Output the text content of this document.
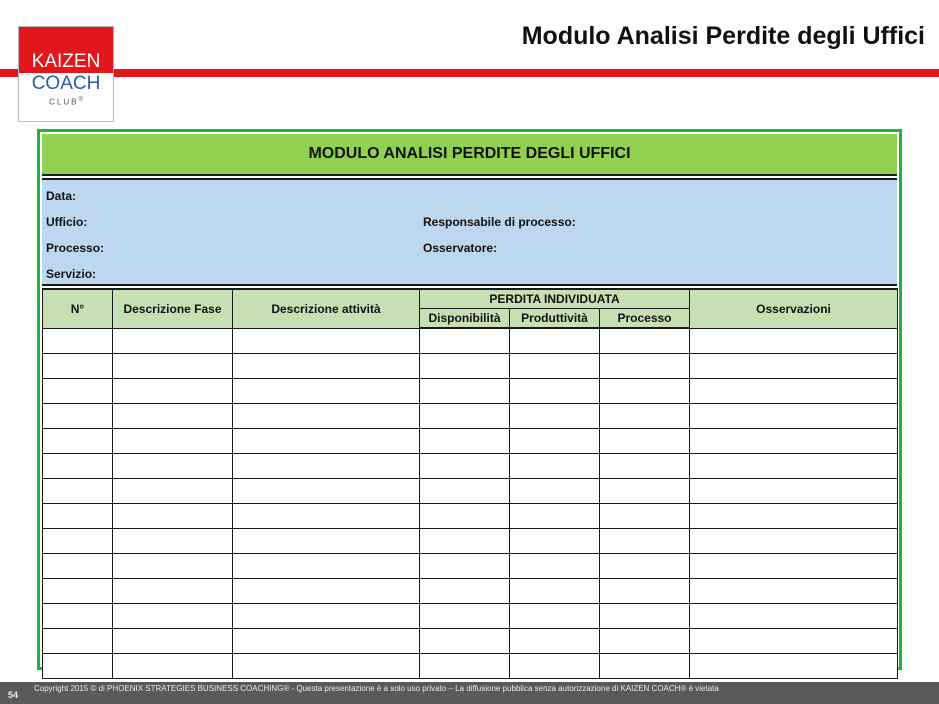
KAIZEN
COACH
CLUB®
Modulo Analisi Perdite degli Uffici
MODULO ANALISI PERDITE DEGLI UFFICI
Data:
Ufficio:
Processo:
Servizio:
Responsabile di processo:
Osservatore:
N°	Descrizione Fase	Descrizione attività	PERDITA INDIVIDUATA			Osservazioni
			Disponibilità	Produttività	Processo	

54
Copyright 2015 © di PHOENIX STRATEGIES BUSINESS COACHING® - Questa presentazione è a solo uso privato – La diffusione pubblica senza autorizzazione di KAIZEN COACH® è vietata
